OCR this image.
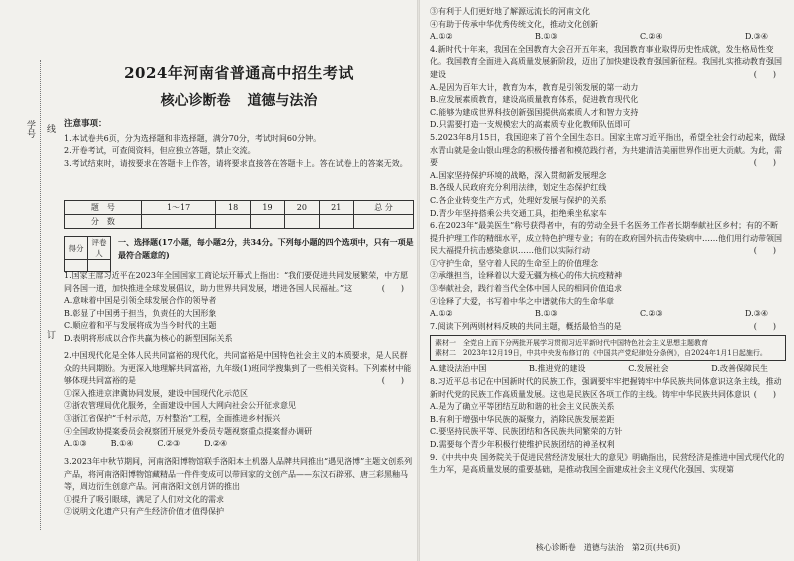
学号 线
订
2024年河南省普通高中招生考试
核心诊断卷 道德与法治
注意事项：

1.本试卷共6页，分为选择题和非选择题，满分70分，考试时间60分钟。

2.开卷考试，可查阅资料，但应独立答题，禁止交流。

3.考试结束时，请按要求在答题卡上作答，请将要求直接答在答题卡上。答在试卷上的答案无效。

题　号	1～17	18	19	20	21	总 分
分　数						
得分	评卷人

一、选择题(17小题，每小题2分，共34分。下列每小题的四个选项中，只有一项是最符合题意的)

1.国家主席习近平在2023年全国国家工商论坛开幕式上指出：“我们要促进共同发展繁荣，中方愿同各国一道，加快推进全球发展倡议，助力世界共同发展，增进各国人民福祉。”这	(　　)

A.意味着中国是引领全球发展合作的领导者

B.彰显了中国勇于担当，负责任的大国形象

C.顺应着和平与发展将成为当今时代的主题

D.表明将形成以合作共赢为核心的新型国际关系

2.中国现代化是全体人民共同富裕的现代化，共同富裕是中国特色社会主义的本质要求，是人民群众的共同期盼。为更深入地理解共同富裕，九年级(1)班同学搜集到了一些相关资料。下列素材中能够体现共同富裕的是	(　　)

①深入推进京津冀协同发展，建设中国现代化示范区

②浙农管理局优化服务，全面建设中国人大网向社会公开征求意见

③浙江省保护“千村示范，万村整治”工程，全面推进乡村振兴

④全国政协提案委员会视察团开展党外委员专题视察重点提案督办调研

A.①③　　　B.①④　　　C.②③　　　D.②④

3.2023年中秋节期间，河南洛阳博物馆联手洛阳本土机器人品牌共同推出“遇见洛博”主题文创系列产品，将河南洛阳博物馆藏精品一件件变成可以带回家的文创产品——东汉石辟邪、唐三彩黑釉马等，周边衍生创意产品。河南洛阳文创月饼的推出

①提升了吸引眼球，满足了人们对文化的需求

②说明文化遗产只有产生经济价值才值得保护

③有利于人们更好地了解源远流长的河南文化

④有助于传承中华优秀传统文化，推动文化创新

A.①②	B.①③	C.②④	D.③④

4.新时代十年来，我国在全国教育大会召开五年来，我国教育事业取得历史性成就，发生格局性变化。我国教育全面进入高质量发展新阶段，迈出了加快建设教育强国新征程。我国扎实推动教育强国建设	(　　)

A.是因为百年大计，教育为本，教育是引领发展的第一动力

B.应发展素质教育，建设高质量教育体系，促进教育现代化

C.能够为建成世界科技创新强国提供高素质人才和智力支持

D.只需要打造一支规模宏大的高素质专业化教师队伍即可

5.2023年8月15日，我国迎来了首个全国生态日。国家主席习近平指出，希望全社会行动起来，做绿水青山就是金山银山理念的积极传播者和模范践行者，为共建清洁美丽世界作出更大贡献。为此，需要	(　　)

A.国家坚持保护环境的战略，深入贯彻新发展理念

B.各级人民政府充分利用法律，划定生态保护红线

C.各企业转变生产方式，处理好发展与保护的关系

D.青少年坚持搭乘公共交通工具，拒绝乘坐私家车

6.在2023年“最美医生”称号获得者中，有的劳动全县千名医务工作者长期奉献社区乡村；有的不断提升护理工作的精细水平，成立特色护理专业；有的在政府国外抗击传染病中……他们用行动带领国民大福提升抗击感染意识……他们以实际行动	(　　)

①守护生命，坚守着人民的生命至上的价值理念

②承继担当，诠释着以大爱无疆为核心的伟大抗疫精神

③奉献社会，践行着当代全体中国人民的相同价值追求

④诠释了大爱，书写着中华之中谱就伟大的生命华章

A.①②	B.①③	C.②③	D.③④

7.阅读下列两则材料反映的共同主题，概括最恰当的是	(　　)

素材一　全党自上而下分两批开展学习贯彻习近平新时代中国特色社会主义思想主题教育

素材二　2023年12月19日，中共中央发布修订的《中国共产党纪律处分条例》，自2024年1月1日起施行。

A.建设法治中国	B.推进党的建设	C.发展社会	D.改善保障民生

8.习近平总书记在中国新时代的民族工作，强调要牢牢把握铸牢中华民族共同体意识这条主线，推动新时代党的民族工作高质量发展。这也是民族区各项工作的主线。铸牢中华民族共同体意识 (　　)

A.是为了确立平等团结互助和谐的社会主义民族关系

B.有利于增强中华民族的凝聚力，消除民族发展差距

C.要坚持民族平等、民族团结和各民族共同繁荣的方针

D.需要每个青少年积极行使维护民族团结的神圣权利

9.《中共中央 国务院关于促进民营经济发展壮大的意见》明确指出，民营经济是推进中国式现代化的生力军，是高质量发展的重要基础，是推动我国全面建成社会主义现代化强国、实现第

核心诊断卷　道德与法治　第2页(共6页)
